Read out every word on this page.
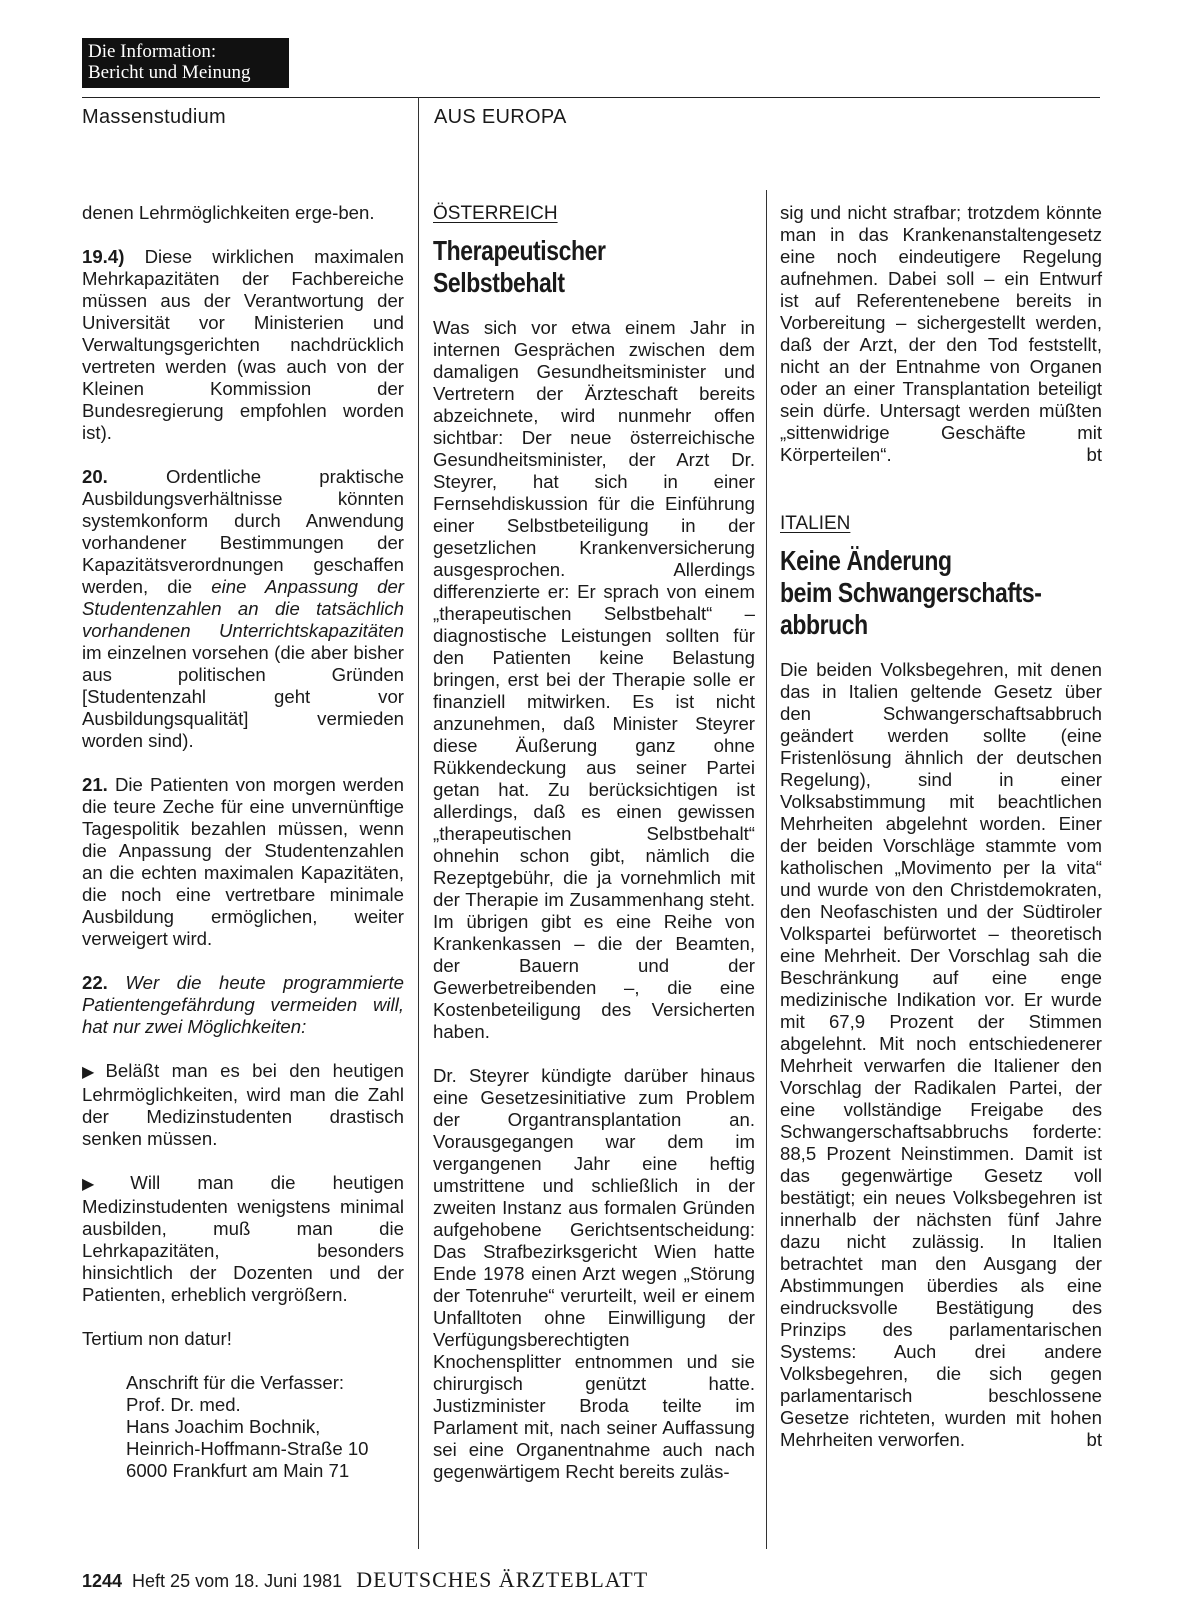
Die Information:
Bericht und Meinung
Massenstudium	AUS EUROPA

denen Lehrmöglichkeiten erge-ben.

19.4) Diese wirklichen maximalen Mehrkapazitäten der Fachbereiche müssen aus der Verantwortung der Universität vor Ministerien und Verwaltungsgerichten nachdrücklich vertreten werden (was auch von der Kleinen Kommission der Bundesregierung empfohlen worden ist).

20. Ordentliche praktische Ausbildungsverhältnisse könnten systemkonform durch Anwendung vorhandener Bestimmungen der Kapazitätsverordnungen geschaffen werden, die eine Anpassung der Studentenzahlen an die tatsächlich vorhandenen Unterrichtskapazitäten im einzelnen vorsehen (die aber bisher aus politischen Gründen [Studentenzahl geht vor Ausbildungsqualität] vermieden worden sind).

21. Die Patienten von morgen werden die teure Zeche für eine unvernünftige Tagespolitik bezahlen müssen, wenn die Anpassung der Studentenzahlen an die echten maximalen Kapazitäten, die noch eine vertretbare minimale Ausbildung ermöglichen, weiter verweigert wird.

22. Wer die heute programmierte Patientengefährdung vermeiden will, hat nur zwei Möglichkeiten:

▶ Beläßt man es bei den heutigen Lehrmöglichkeiten, wird man die Zahl der Medizinstudenten drastisch senken müssen.

▶ Will man die heutigen Medizinstudenten wenigstens minimal ausbilden, muß man die Lehrkapazitäten, besonders hinsichtlich der Dozenten und der Patienten, erheblich vergrößern.

Tertium non datur!

Anschrift für die Verfasser:
Prof. Dr. med.
Hans Joachim Bochnik,
Heinrich-Hoffmann-Straße 10
6000 Frankfurt am Main 71
ÖSTERREICH
Therapeutischer
Selbstbehalt

Was sich vor etwa einem Jahr in internen Gesprächen zwischen dem damaligen Gesundheitsminister und Vertretern der Ärzteschaft bereits abzeichnete, wird nunmehr offen sichtbar: Der neue österreichische Gesundheitsminister, der Arzt Dr. Steyrer, hat sich in einer Fernsehdiskussion für die Einführung einer Selbstbeteiligung in der gesetzlichen Krankenversicherung ausgesprochen. Allerdings differenzierte er: Er sprach von einem „therapeutischen Selbstbehalt“ – diagnostische Leistungen sollten für den Patienten keine Belastung bringen, erst bei der Therapie solle er finanziell mitwirken. Es ist nicht anzunehmen, daß Minister Steyrer diese Äußerung ganz ohne Rükkendeckung aus seiner Partei getan hat. Zu berücksichtigen ist allerdings, daß es einen gewissen „therapeutischen Selbstbehalt“ ohnehin schon gibt, nämlich die Rezeptgebühr, die ja vornehmlich mit der Therapie im Zusammenhang steht. Im übrigen gibt es eine Reihe von Krankenkassen – die der Beamten, der Bauern und der Gewerbetreibenden –, die eine Kostenbeteiligung des Versicherten haben.

Dr. Steyrer kündigte darüber hinaus eine Gesetzesinitiative zum Problem der Organtransplantation an. Vorausgegangen war dem im vergangenen Jahr eine heftig umstrittene und schließlich in der zweiten Instanz aus formalen Gründen aufgehobene Gerichtsentscheidung: Das Strafbezirksgericht Wien hatte Ende 1978 einen Arzt wegen „Störung der Totenruhe“ verurteilt, weil er einem Unfalltoten ohne Einwilligung der Verfügungsberechtigten Knochensplitter entnommen und sie chirurgisch genützt hatte. Justizminister Broda teilte im Parlament mit, nach seiner Auffassung sei eine Organentnahme auch nach gegenwärtigem Recht bereits zuläs-

sig und nicht strafbar; trotzdem könnte man in das Krankenanstaltengesetz eine noch eindeutigere Regelung aufnehmen. Dabei soll – ein Entwurf ist auf Referentenebene bereits in Vorbereitung – sichergestellt werden, daß der Arzt, der den Tod feststellt, nicht an der Entnahme von Organen oder an einer Transplantation beteiligt sein dürfe. Untersagt werden müßten „sittenwidrige Geschäfte mit Körperteilen“.	bt
ITALIEN
Keine Änderung
beim Schwangerschafts-
abbruch

Die beiden Volksbegehren, mit denen das in Italien geltende Gesetz über den Schwangerschaftsabbruch geändert werden sollte (eine Fristenlösung ähnlich der deutschen Regelung), sind in einer Volksabstimmung mit beachtlichen Mehrheiten abgelehnt worden. Einer der beiden Vorschläge stammte vom katholischen „Movimento per la vita“ und wurde von den Christdemokraten, den Neofaschisten und der Südtiroler Volkspartei befürwortet – theoretisch eine Mehrheit. Der Vorschlag sah die Beschränkung auf eine enge medizinische Indikation vor. Er wurde mit 67,9 Prozent der Stimmen abgelehnt. Mit noch entschiedenerer Mehrheit verwarfen die Italiener den Vorschlag der Radikalen Partei, der eine vollständige Freigabe des Schwangerschaftsabbruchs forderte: 88,5 Prozent Neinstimmen. Damit ist das gegenwärtige Gesetz voll bestätigt; ein neues Volksbegehren ist innerhalb der nächsten fünf Jahre dazu nicht zulässig. In Italien betrachtet man den Ausgang der Abstimmungen überdies als eine eindrucksvolle Bestätigung des Prinzips des parlamentarischen Systems: Auch drei andere Volksbegehren, die sich gegen parlamentarisch beschlossene Gesetze richteten, wurden mit hohen Mehrheiten verworfen.	bt
1244 Heft 25 vom 18. Juni 1981 DEUTSCHES ÄRZTEBLATT
